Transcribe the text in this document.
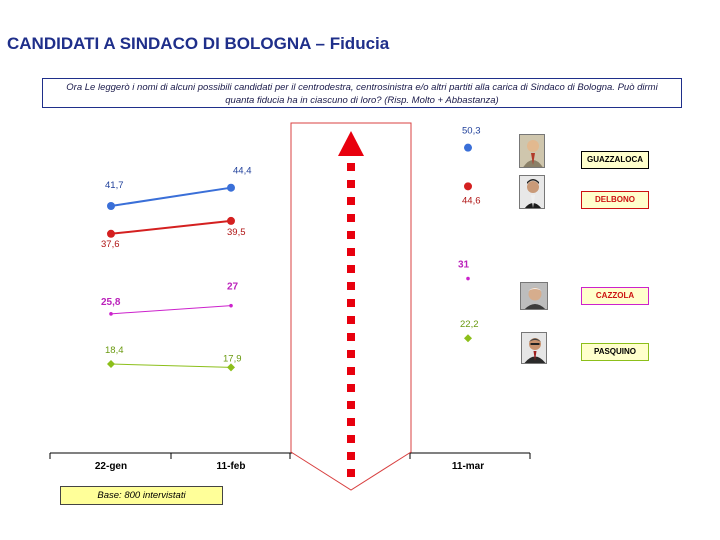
CANDIDATI A SINDACO DI BOLOGNA – Fiducia
Ora Le leggerò i nomi di alcuni possibili candidati per il centrodestra, centrosinistra e/o altri partiti alla carica di Sindaco di Bologna. Può dirmi quanta fiducia ha in ciascuno di loro? (Risp. Molto + Abbastanza)
41,7
44,4
50,3
37,6
39,5
44,6
25,8
27
31
18,4
17,9
22,2
22-gen	11-feb	11-mar
GUAZZALOCA
DELBONO
CAZZOLA
PASQUINO
Base: 800 intervistati
